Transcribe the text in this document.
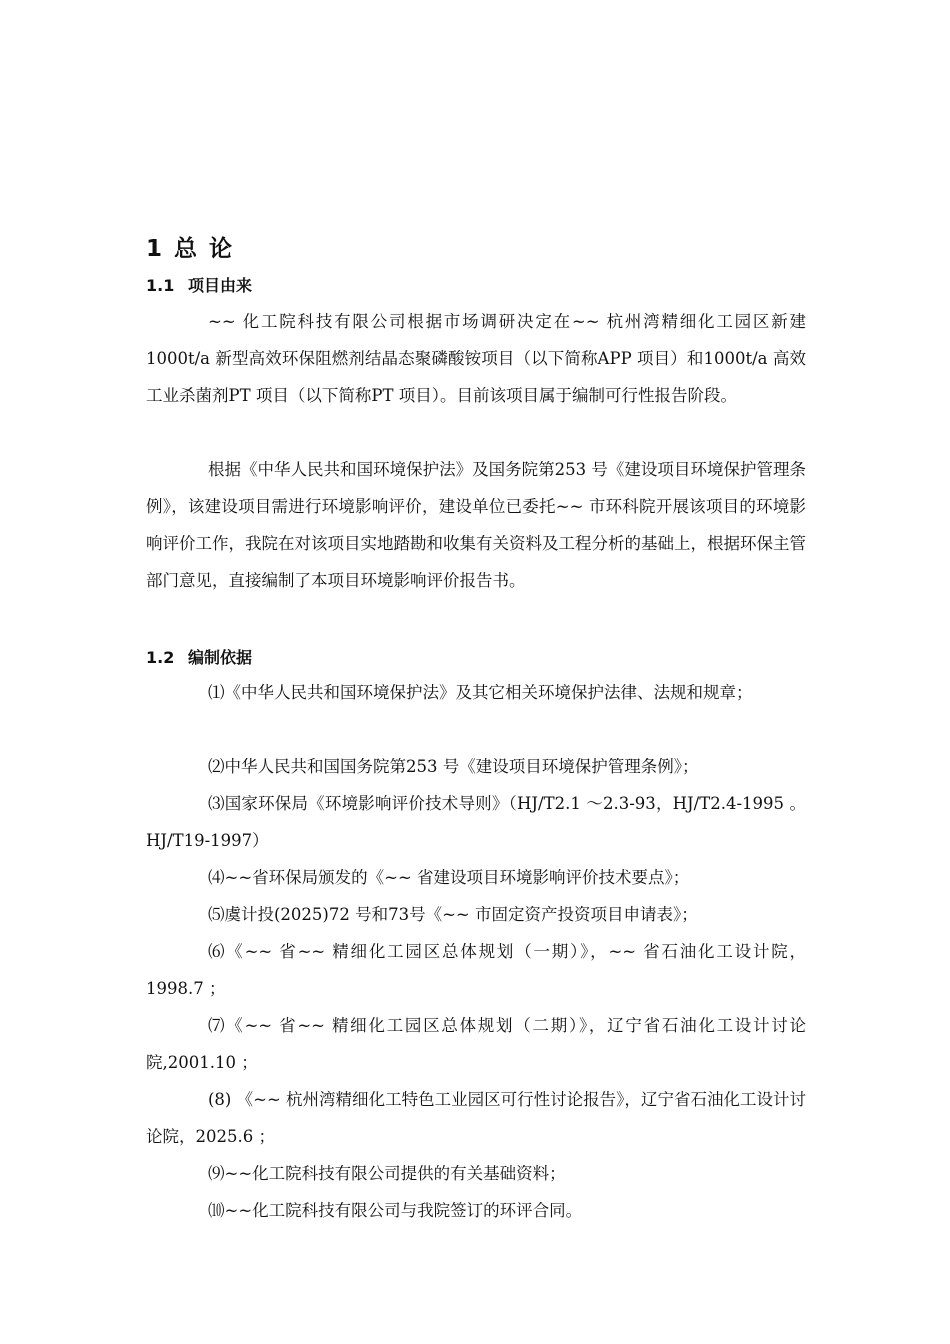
1 总 论
1.1 项目由来

~~ 化工院科技有限公司根据市场调研决定在~~ 杭州湾精细化工园区新建1000t/a 新型高效环保阻燃剂结晶态聚磷酸铵项目（以下简称APP 项目）和1000t/a 高效工业杀菌剂PT 项目（以下简称PT 项目）。目前该项目属于编制可行性报告阶段。

根据《中华人民共和国环境保护法》及国务院第253 号《建设项目环境保护管理条例》，该建设项目需进行环境影响评价，建设单位已委托~~ 市环科院开展该项目的环境影响评价工作，我院在对该项目实地踏勘和收集有关资料及工程分析的基础上，根据环保主管部门意见，直接编制了本项目环境影响评价报告书。

1.2 编制依据

⑴《中华人民共和国环境保护法》及其它相关环境保护法律、法规和规章；

⑵中华人民共和国国务院第253 号《建设项目环境保护管理条例》；

⑶国家环保局《环境影响评价技术导则》（HJ/T2.1 ～2.3-93，HJ/T2.4-1995 。HJ/T19-1997）

⑷~~省环保局颁发的《~~ 省建设项目环境影响评价技术要点》；

⑸虞计投(2025)72 号和73号《~~ 市固定资产投资项目申请表》；

⑹《~~ 省~~ 精细化工园区总体规划（一期）》，~~ 省石油化工设计院，1998.7 ；

⑺《~~ 省~~ 精细化工园区总体规划（二期）》，辽宁省石油化工设计讨论院,2001.10 ；

(8) 《~~ 杭州湾精细化工特色工业园区可行性讨论报告》，辽宁省石油化工设计讨论院，2025.6 ；

⑼~~化工院科技有限公司提供的有关基础资料；

⑽~~化工院科技有限公司与我院签订的环评合同。
